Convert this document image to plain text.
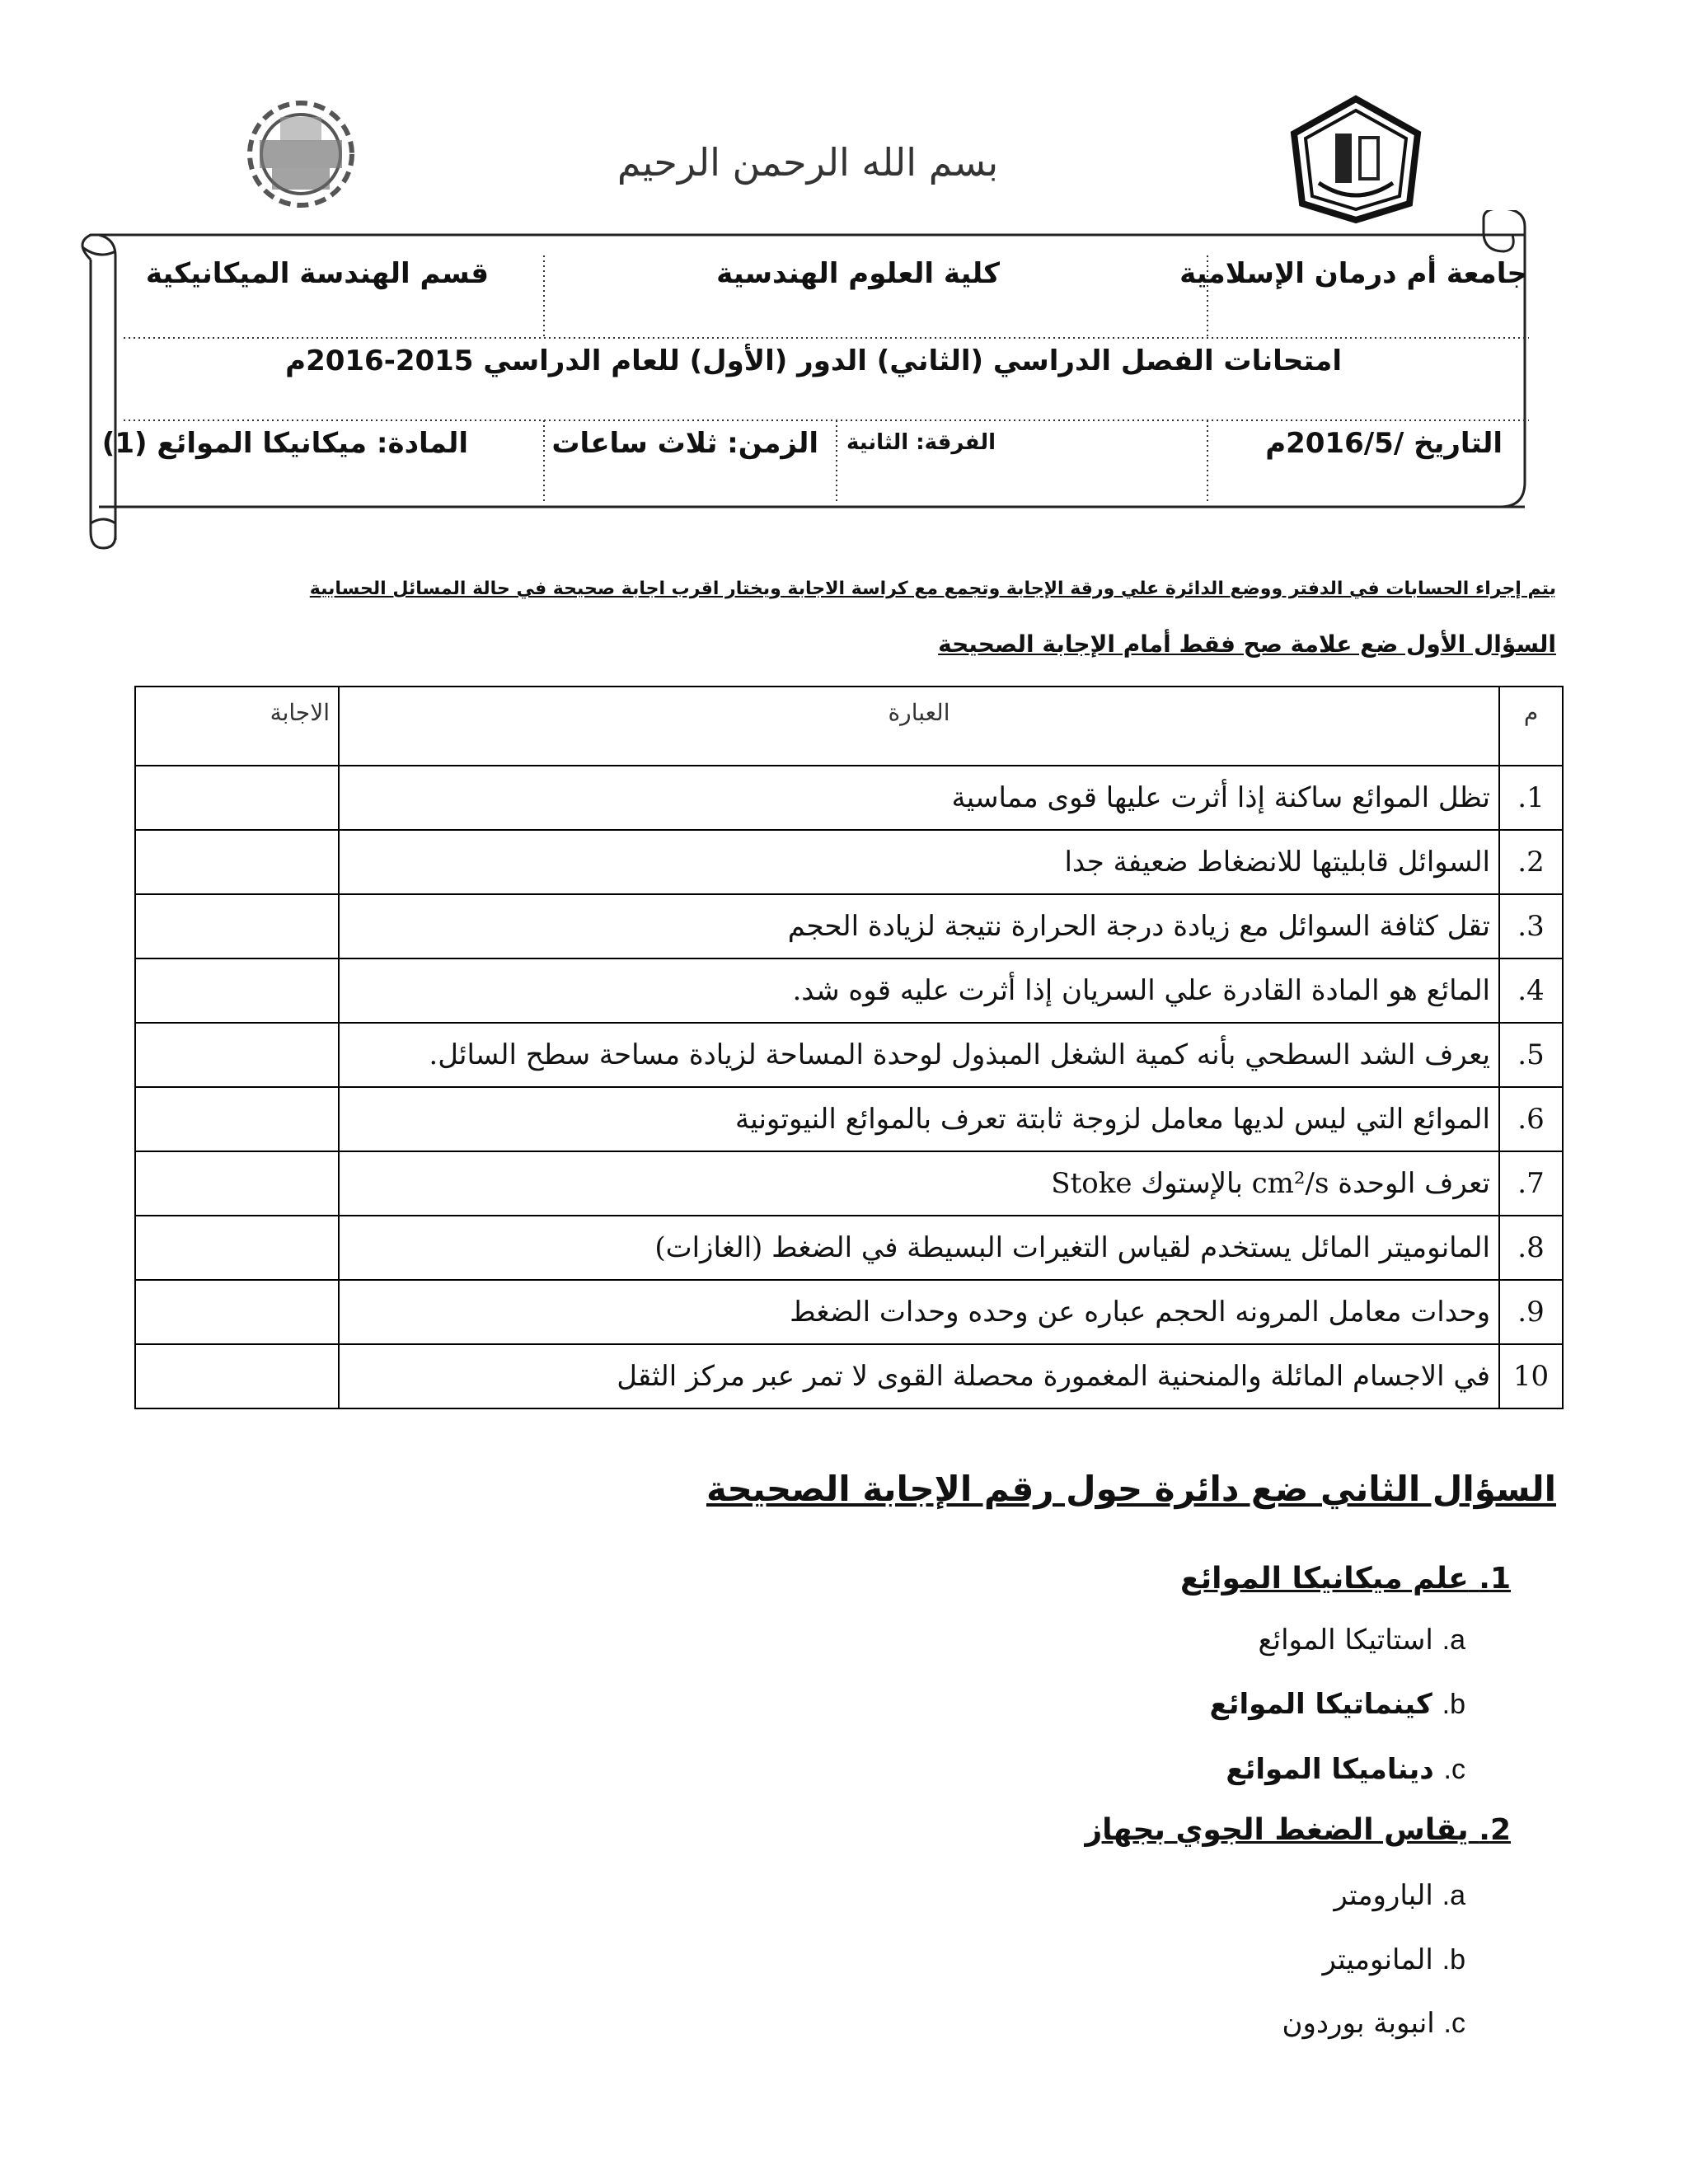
بسم الله الرحمن الرحيم
جامعة أم درمان الإسلامية
كلية العلوم الهندسية
قسم الهندسة الميكانيكية
امتحانات الفصل الدراسي (الثاني) الدور (الأول) للعام الدراسي 2015-2016م
التاريخ /2016/5م
الفرقة: الثانية
الزمن: ثلاث ساعات
المادة: ميكانيكا الموائع (1)
يتم إجراء الحسابات في الدفتر ووضع الدائرة علي ورقة الإجابة وتجمع مع كراسة الاجابة ويختار اقرب اجابة صحيحة في حالة المسائل الحسابية
السؤال الأول ضع علامة صح فقط أمام الإجابة الصحيحة
م	العبارة	الاجابة
1.	تظل الموائع ساكنة إذا أثرت عليها قوى مماسية	
2.	السوائل قابليتها للانضغاط ضعيفة جدا	
3.	تقل كثافة السوائل مع زيادة درجة الحرارة نتيجة لزيادة الحجم	
4.	المائع هو المادة القادرة علي السريان إذا أثرت عليه قوه شد.	
5.	يعرف الشد السطحي بأنه كمية الشغل المبذول لوحدة المساحة لزيادة مساحة سطح السائل.	
6.	الموائع التي ليس لديها معامل لزوجة ثابتة تعرف بالموائع النيوتونية	
7.	تعرف الوحدة cm²/s بالإستوك Stoke	
8.	المانوميتر المائل يستخدم لقياس التغيرات البسيطة في الضغط (الغازات)	
9.	وحدات معامل المرونه الحجم عباره عن وحده وحدات الضغط	
10	في الاجسام المائلة والمنحنية المغمورة محصلة القوى لا تمر عبر مركز الثقل	
السؤال الثاني ضع دائرة حول رقم الإجابة الصحيحة
1. علم ميكانيكا الموائع
a. استاتيكا الموائع
b. كينماتيكا الموائع
c. ديناميكا الموائع
2. يقاس الضغط الجوي بجهاز
a. البارومتر
b. المانوميتر
c. انبوبة بوردون
